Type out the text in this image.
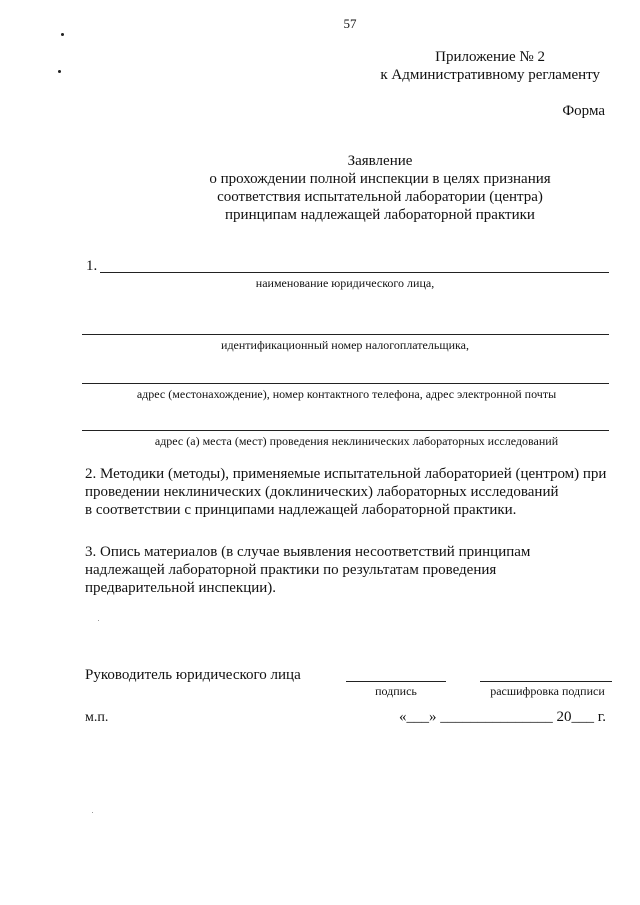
57
Приложение № 2
к Административному регламенту
Форма
Заявление
о прохождении полной инспекции в целях признания
соответствия испытательной лаборатории (центра)
принципам надлежащей лабораторной практики
1.
наименование юридического лица,
идентификационный номер налогоплательщика,
адрес (местонахождение), номер контактного телефона, адрес электронной почты
адрес (а) места (мест) проведения неклинических лабораторных исследований
2. Методики (методы), применяемые испытательной лабораторией (центром) при
проведении неклинических (доклинических) лабораторных исследований
в соответствии с принципами надлежащей лабораторной практики.
3. Опись материалов (в случае выявления несоответствий принципам
надлежащей лабораторной практики по результатам проведения
предварительной инспекции).
Руководитель юридического лица
подпись	расшифровка подписи
м.п.	«___» _______________ 20___ г.
